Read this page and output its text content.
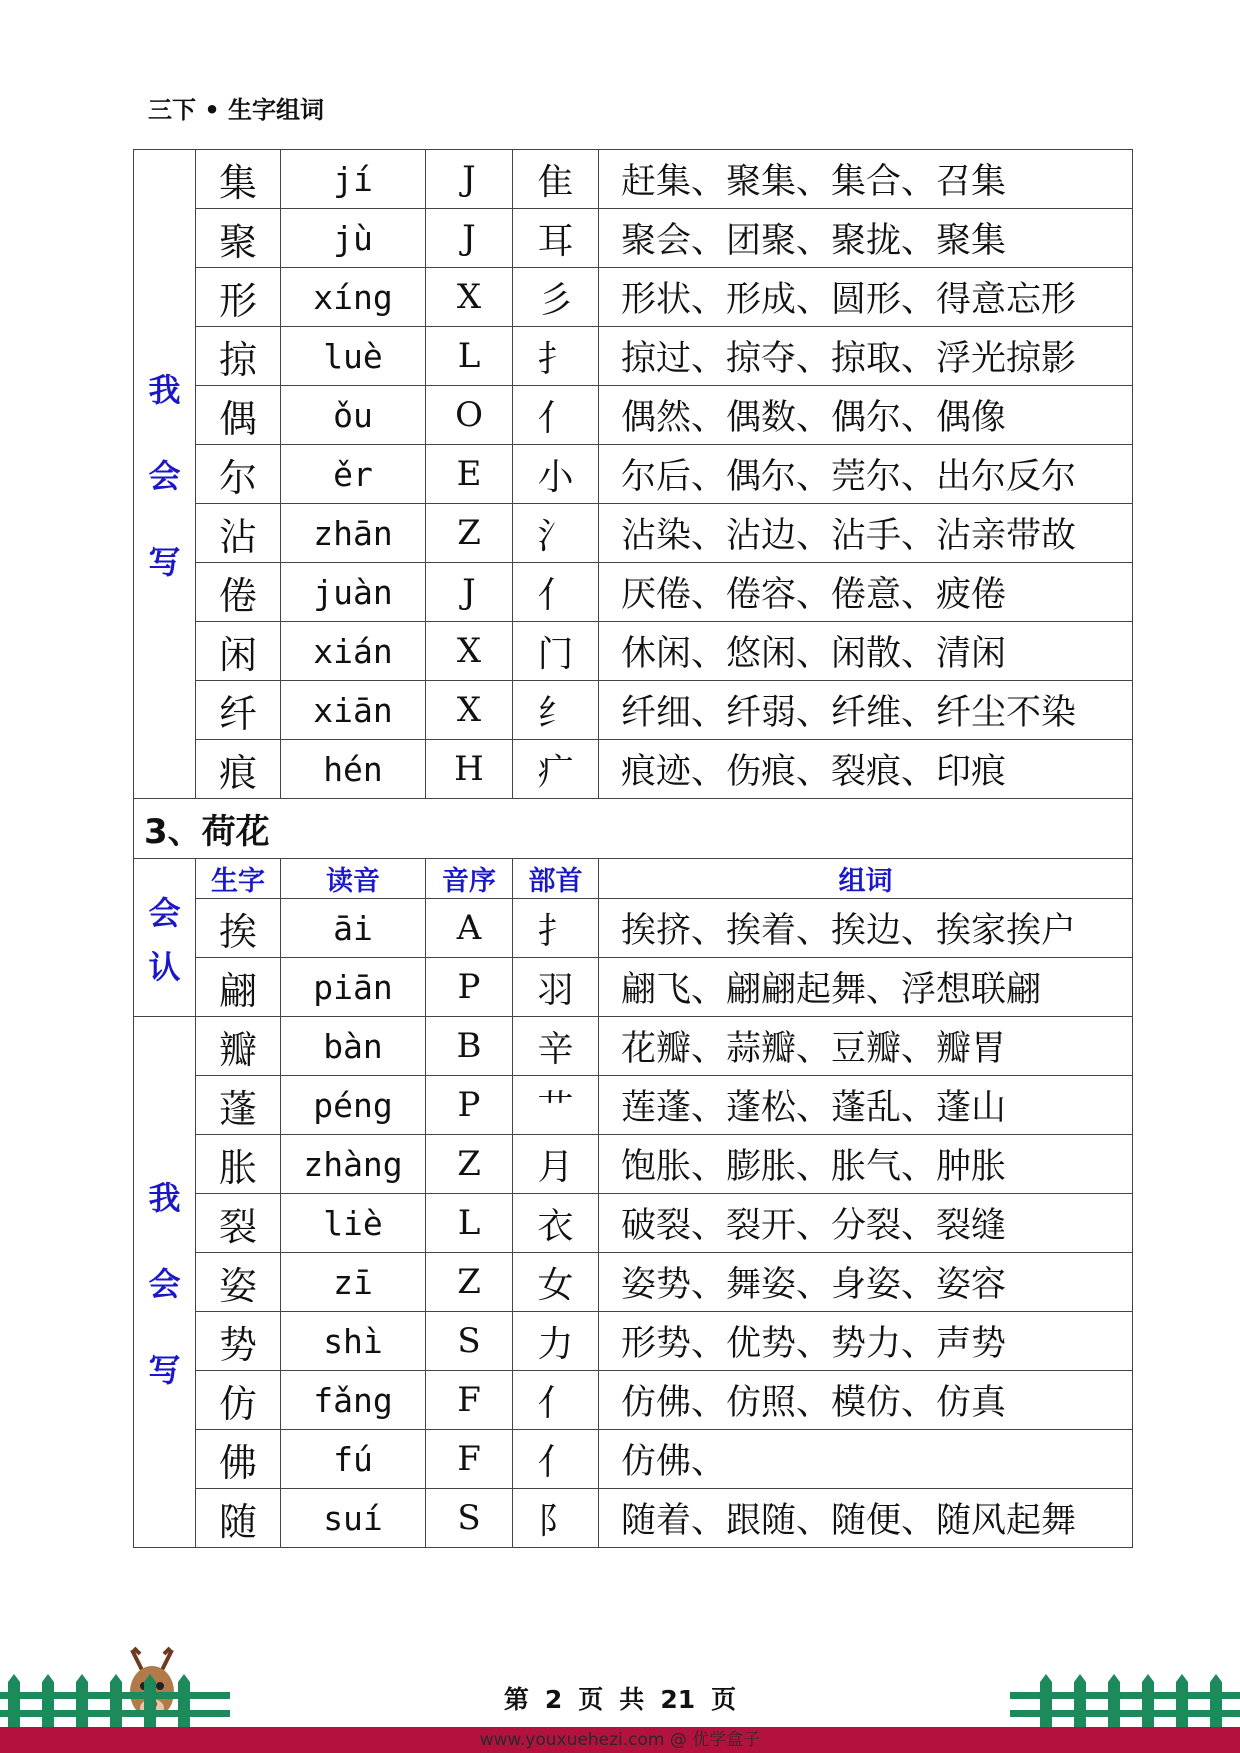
三下 • 生字组词
我
会
写	集	jí	J	隹	赶集、聚集、集合、召集
	聚	jù	J	耳	聚会、团聚、聚拢、聚集
	形	xíng	X	彡	形状、形成、圆形、得意忘形
	掠	luè	L	扌	掠过、掠夺、掠取、浮光掠影
	偶	ǒu	O	亻	偶然、偶数、偶尔、偶像
	尔	ěr	E	小	尔后、偶尔、莞尔、出尔反尔
	沾	zhān	Z	氵	沾染、沾边、沾手、沾亲带故
	倦	juàn	J	亻	厌倦、倦容、倦意、疲倦
	闲	xián	X	门	休闲、悠闲、闲散、清闲
	纤	xiān	X	纟	纤细、纤弱、纤维、纤尘不染
	痕	hén	H	疒	痕迹、伤痕、裂痕、印痕
3、荷花					

会
认	生字	读音	音序	部首	组词
	挨	āi	A	扌	挨挤、挨着、挨边、挨家挨户
	翩	piān	P	羽	翩飞、翩翩起舞、浮想联翩

我
会
写	瓣	bàn	B	辛	花瓣、蒜瓣、豆瓣、瓣胃
	蓬	péng	P	艹	莲蓬、蓬松、蓬乱、蓬山
	胀	zhàng	Z	月	饱胀、膨胀、胀气、肿胀
	裂	liè	L	衣	破裂、裂开、分裂、裂缝
	姿	zī	Z	女	姿势、舞姿、身姿、姿容
	势	shì	S	力	形势、优势、势力、声势
	仿	fǎng	F	亻	仿佛、仿照、模仿、仿真
	佛	fú	F	亻	仿佛、
	随	suí	S	阝	随着、跟随、随便、随风起舞
第 2 页 共 21 页
www.youxuehezi.com @ 优学盒子
